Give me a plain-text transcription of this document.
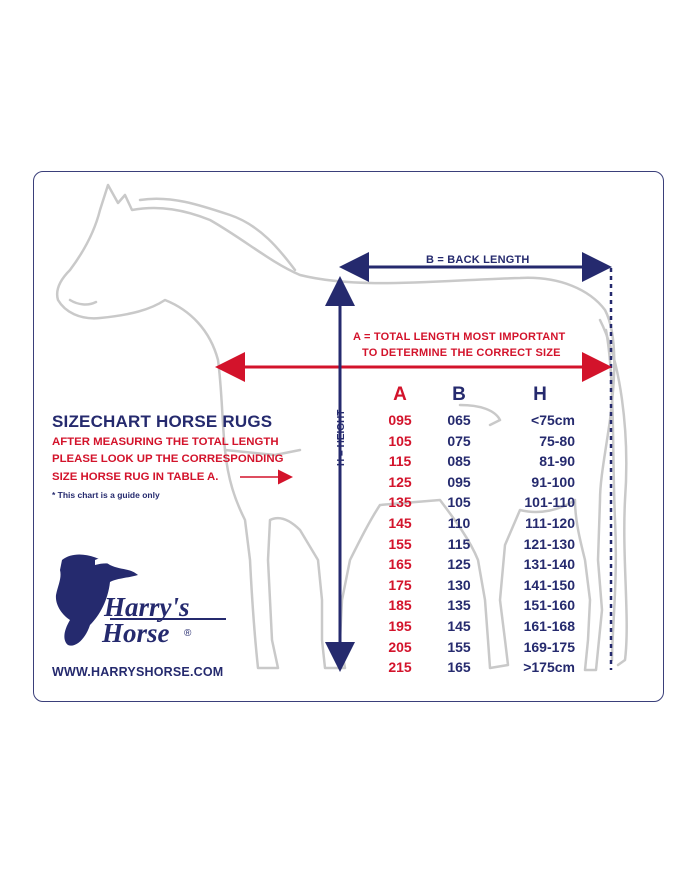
B = BACK LENGTH
A = TOTAL LENGTH MOST IMPORTANT
TO DETERMINE THE CORRECT SIZE
H = HEIGHT
SIZECHART HORSE RUGS
AFTER MEASURING THE TOTAL LENGTH
PLEASE LOOK UP THE CORRESPONDING
SIZE HORSE RUG IN TABLE A.
* This chart is a guide only
Harry's
Horse ®
WWW.HARRYSHORSE.COM
A	B	H
095	065	<75cm
105	075	75-80
115	085	81-90
125	095	91-100
135	105	101-110
145	110	111-120
155	115	121-130
165	125	131-140
175	130	141-150
185	135	151-160
195	145	161-168
205	155	169-175
215	165	>175cm
